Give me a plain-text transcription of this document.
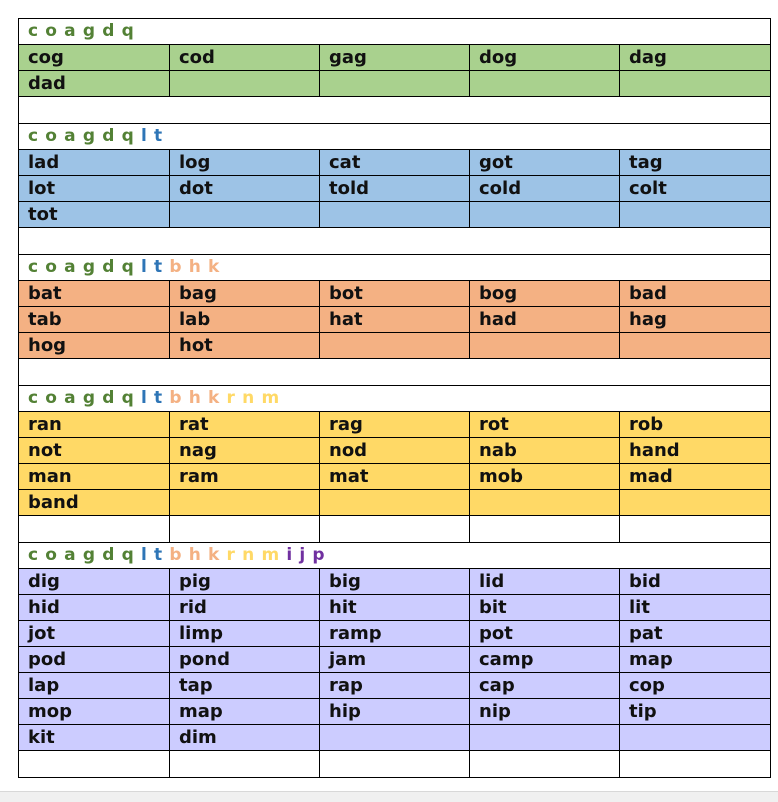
c o a g d q				
cog	cod	gag	dog	dag
dad				

c o a g d q l t				
lad	log	cat	got	tag
lot	dot	told	cold	colt
tot				

c o a g d q l t b h k				
bat	bag	bot	bog	bad
tab	lab	hat	had	hag
hog	hot			

c o a g d q l t b h k r n m				
ran	rat	rag	rot	rob
not	nag	nod	nab	hand
man	ram	mat	mob	mad
band				

c o a g d q l t b h k r n m i j p				
dig	pig	big	lid	bid
hid	rid	hit	bit	lit
jot	limp	ramp	pot	pat
pod	pond	jam	camp	map
lap	tap	rap	cap	cop
mop	map	hip	nip	tip
kit	dim			
